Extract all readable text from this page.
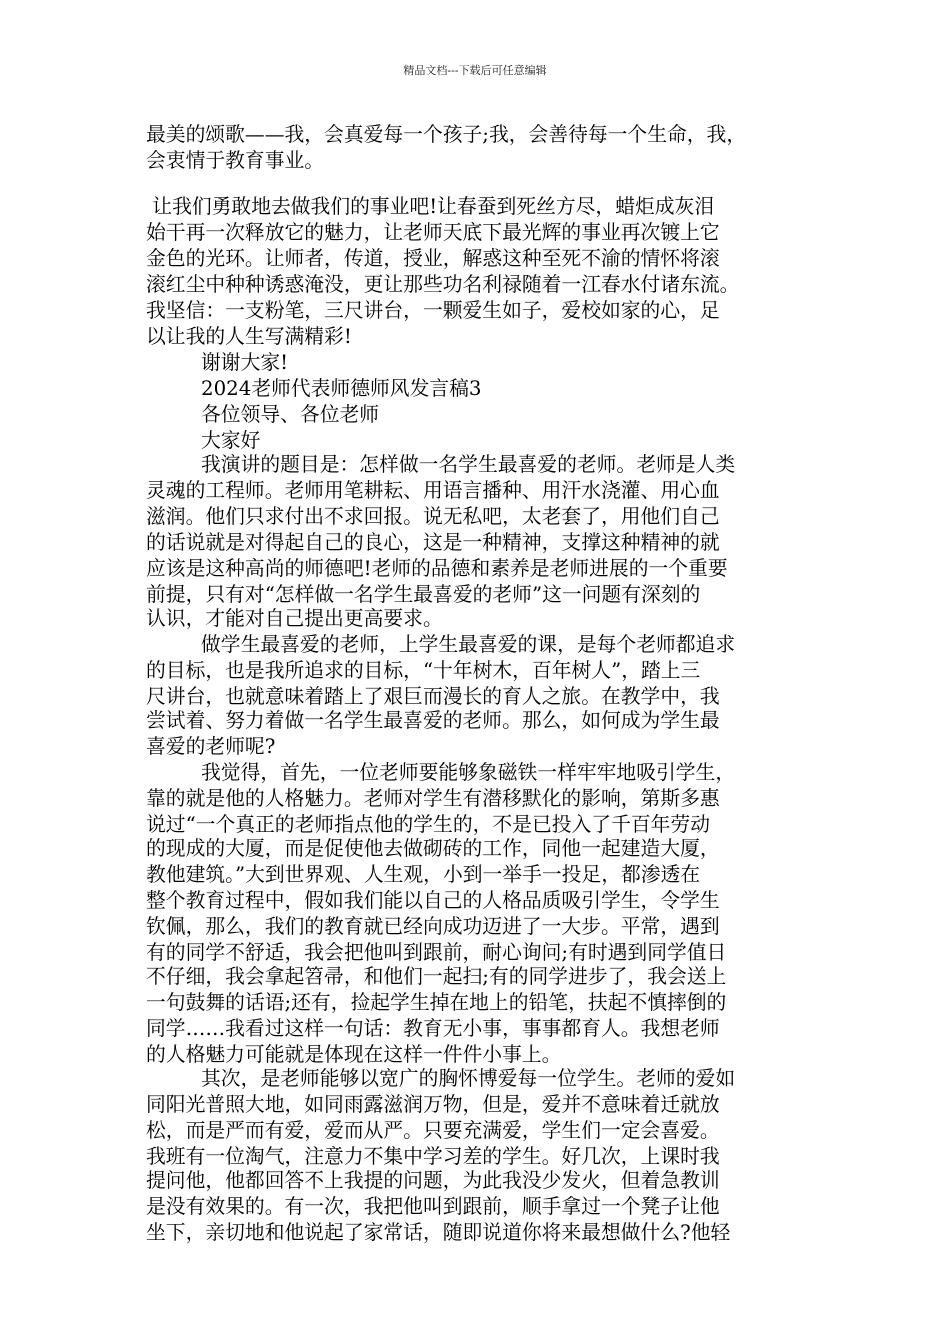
精品文档---下载后可任意编辑
最美的颂歌——我，会真爱每一个孩子;我，会善待每一个生命，我，
会衷情于教育事业。
让我们勇敢地去做我们的事业吧!让春蚕到死丝方尽，蜡炬成灰泪
始干再一次释放它的魅力，让老师天底下最光辉的事业再次镀上它
金色的光环。让师者，传道，授业，解惑这种至死不渝的情怀将滚
滚红尘中种种诱惑淹没，更让那些功名利禄随着一江春水付诸东流。
我坚信：一支粉笔，三尺讲台，一颗爱生如子，爱校如家的心，足
以让我的人生写满精彩!
谢谢大家!
2024老师代表师德师风发言稿3
各位领导、各位老师
大家好
我演讲的题目是：怎样做一名学生最喜爱的老师。老师是人类
灵魂的工程师。老师用笔耕耘、用语言播种、用汗水浇灌、用心血
滋润。他们只求付出不求回报。说无私吧，太老套了，用他们自己
的话说就是对得起自己的良心，这是一种精神，支撑这种精神的就
应该是这种高尚的师德吧!老师的品德和素养是老师进展的一个重要
前提，只有对“怎样做一名学生最喜爱的老师”这一问题有深刻的
认识，才能对自己提出更高要求。
做学生最喜爱的老师，上学生最喜爱的课，是每个老师都追求
的目标，也是我所追求的目标，“十年树木，百年树人”，踏上三
尺讲台，也就意味着踏上了艰巨而漫长的育人之旅。在教学中，我
尝试着、努力着做一名学生最喜爱的老师。那么，如何成为学生最
喜爱的老师呢?
我觉得，首先，一位老师要能够象磁铁一样牢牢地吸引学生，
靠的就是他的人格魅力。老师对学生有潜移默化的影响，第斯多惠
说过“一个真正的老师指点他的学生的，不是已投入了千百年劳动
的现成的大厦，而是促使他去做砌砖的工作，同他一起建造大厦，
教他建筑。”大到世界观、人生观，小到一举手一投足，都渗透在
整个教育过程中，假如我们能以自己的人格品质吸引学生，令学生
钦佩，那么，我们的教育就已经向成功迈进了一大步。平常，遇到
有的同学不舒适，我会把他叫到跟前，耐心询问;有时遇到同学值日
不仔细，我会拿起笤帚，和他们一起扫;有的同学进步了，我会送上
一句鼓舞的话语;还有，捡起学生掉在地上的铅笔，扶起不慎摔倒的
同学……我看过这样一句话：教育无小事，事事都育人。我想老师
的人格魅力可能就是体现在这样一件件小事上。
其次，是老师能够以宽广的胸怀博爱每一位学生。老师的爱如
同阳光普照大地，如同雨露滋润万物，但是，爱并不意味着迁就放
松，而是严而有爱，爱而从严。只要充满爱，学生们一定会喜爱。
我班有一位淘气，注意力不集中学习差的学生。好几次，上课时我
提问他，他都回答不上我提的问题，为此我没少发火，但着急教训
是没有效果的。有一次，我把他叫到跟前，顺手拿过一个凳子让他
坐下，亲切地和他说起了家常话，随即说道你将来最想做什么?他轻
